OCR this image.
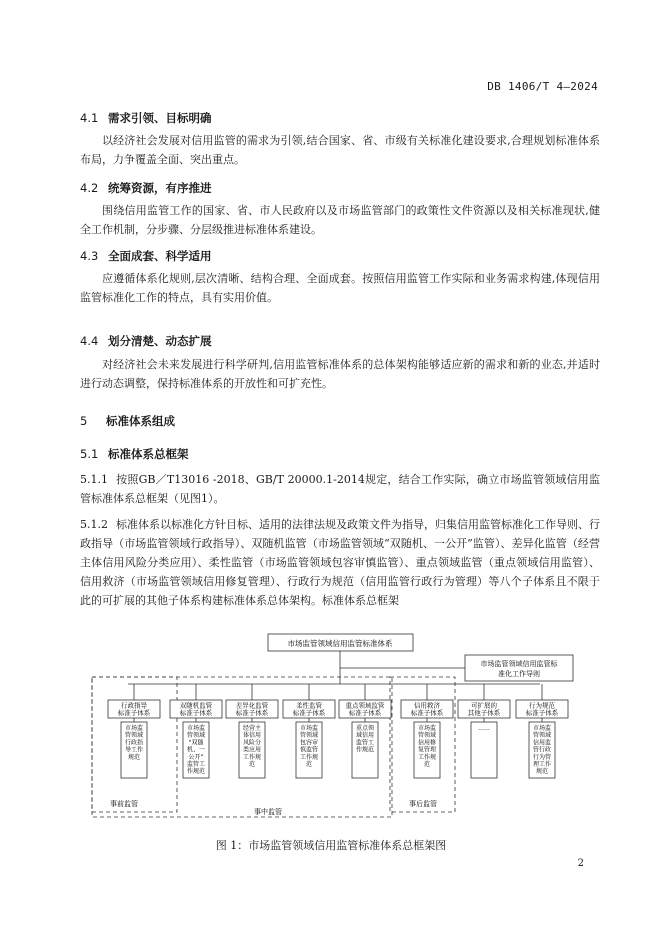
DB 1406/T 4—2024
4.1 需求引领、目标明确
以经济社会发展对信用监管的需求为引领,结合国家、省、市级有关标准化建设要求,合理规划标准体系布局，力争覆盖全面、突出重点。
4.2 统筹资源，有序推进
围绕信用监管工作的国家、省、市人民政府以及市场监管部门的政策性文件资源以及相关标准现状,健全工作机制，分步骤、分层级推进标准体系建设。
4.3 全面成套、科学适用
应遵循体系化规则,层次清晰、结构合理、全面成套。按照信用监管工作实际和业务需求构建,体现信用监管标准化工作的特点，具有实用价值。
4.4 划分清楚、动态扩展
对经济社会未来发展进行科学研判,信用监管标准体系的总体架构能够适应新的需求和新的业态,并适时进行动态调整，保持标准体系的开放性和可扩充性。
5 标准体系组成
5.1 标准体系总框架
5.1.1 按照GB／T13016 -2018、GB/T 20000.1-2014规定，结合工作实际，确立市场监管领域信用监管标准体系总框架（见图1）。
5.1.2 标准体系以标准化方针目标、适用的法律法规及政策文件为指导，归集信用监管标准化工作导则、行政指导（市场监管领域行政指导）、双随机监管（市场监管领域“双随机、一公开”监管）、差异化监管（经营主体信用风险分类应用）、柔性监管（市场监管领域包容审慎监管）、重点领域监管（重点领域信用监管）、信用救济（市场监管领域信用修复管理）、行政行为规范（信用监管行政行为管理）等八个子体系且不限于此的可扩展的其他子体系构建标准体系总体架构。标准体系总框架
行政指导
标准子体系
市场监
管领域
行政指
导工作
规范
双随机监管
标准子体系
市场监
管领域
“双随
机、一
公开”
监管工
作规范
差异化监管
标准子体系
经营主
体信用
风险分
类应用
工作规
范
柔性监管
标准子体系
市场监
管领域
包容审
慎监管
工作规
范
重点领域监管
标准子体系
重点领
域信用
监管工
作规范
信用救济
标准子体系
市场监
管领域
信用修
复管理
工作规
范
可扩展的
其他子体系
……
行为规范
标准子体系
市场监
管领域
信用监
管行政
行为管
理工作
规范
市场监管领域信用监管标准体系
市场监管领域信用监管标
准化工作导则
事前监管
事中监管
事后监管
图 1：市场监管领域信用监管标准体系总框架图
2
